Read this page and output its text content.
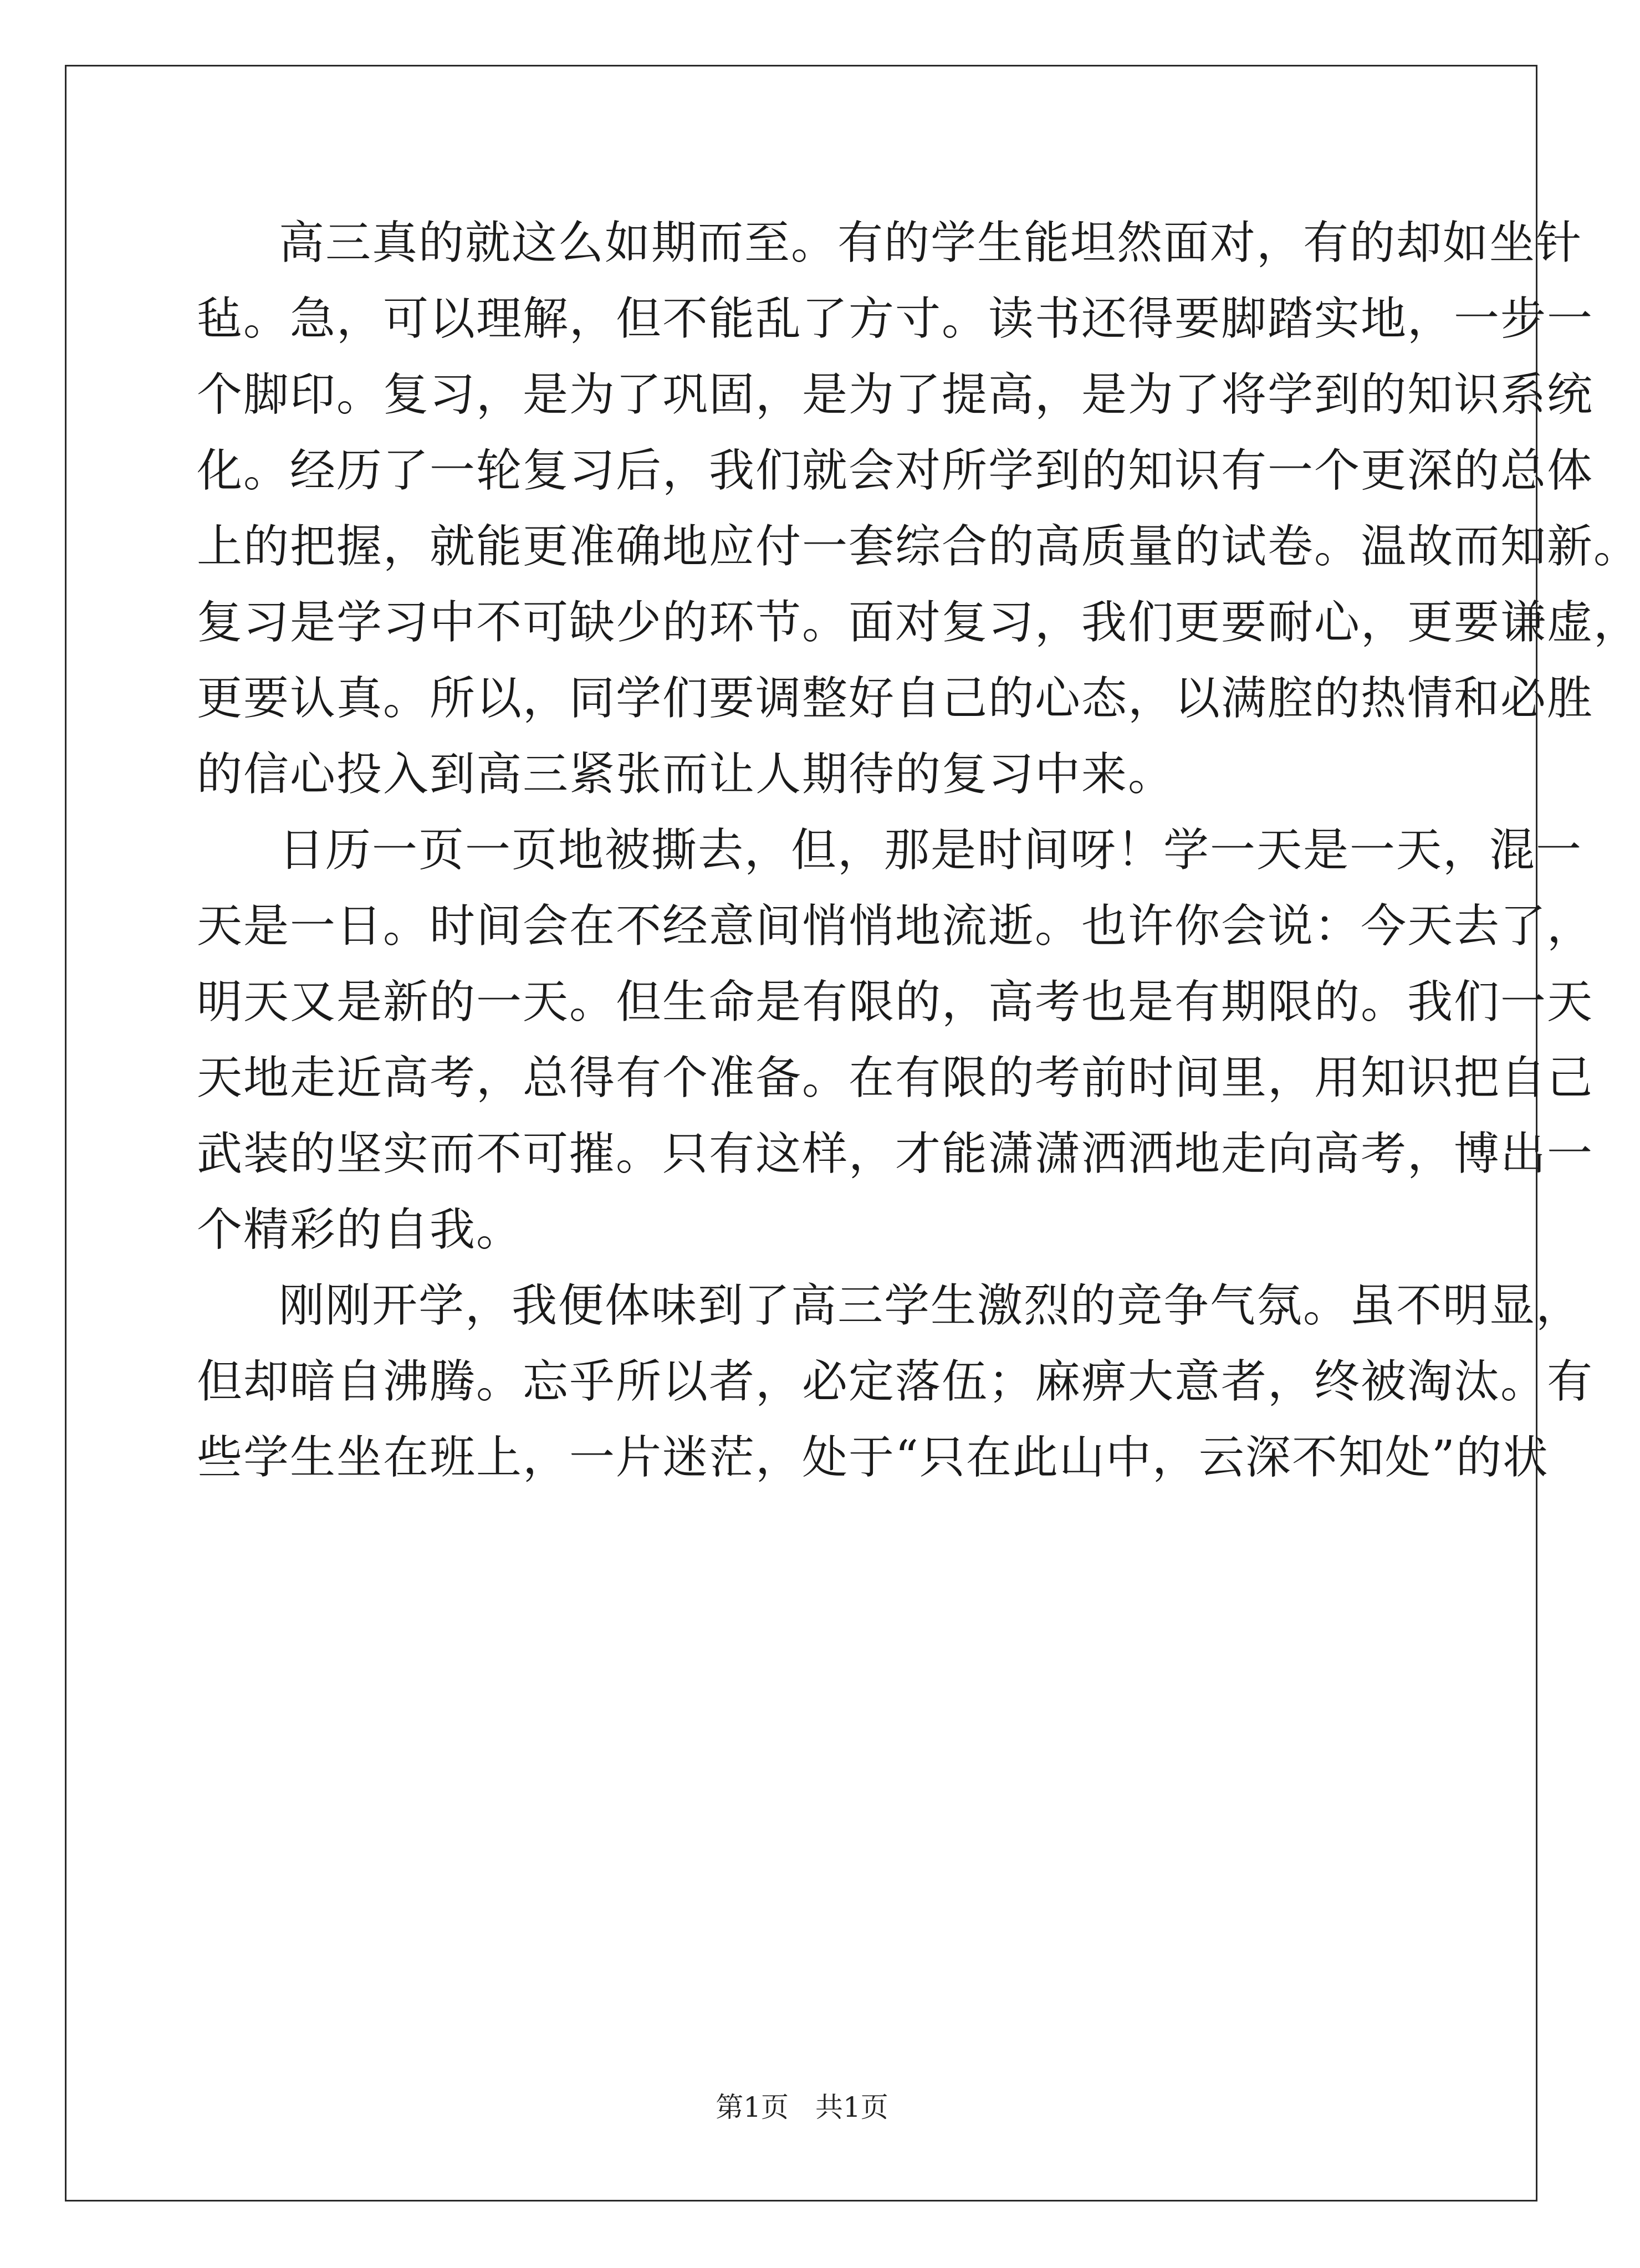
高三真的就这么如期而至。有的学生能坦然面对，有的却如坐针
毡。急，可以理解，但不能乱了方寸。读书还得要脚踏实地，一步一
个脚印。复习，是为了巩固，是为了提高，是为了将学到的知识系统
化。经历了一轮复习后，我们就会对所学到的知识有一个更深的总体
上的把握，就能更准确地应付一套综合的高质量的试卷。温故而知新。
复习是学习中不可缺少的环节。面对复习，我们更要耐心，更要谦虚，
更要认真。所以，同学们要调整好自己的心态，以满腔的热情和必胜
的信心投入到高三紧张而让人期待的复习中来。

日历一页一页地被撕去，但，那是时间呀！学一天是一天，混一
天是一日。时间会在不经意间悄悄地流逝。也许你会说：今天去了，
明天又是新的一天。但生命是有限的，高考也是有期限的。我们一天
天地走近高考，总得有个准备。在有限的考前时间里，用知识把自己
武装的坚实而不可摧。只有这样，才能潇潇洒洒地走向高考，博出一
个精彩的自我。

刚刚开学，我便体味到了高三学生激烈的竞争气氛。虽不明显，
但却暗自沸腾。忘乎所以者，必定落伍；麻痹大意者，终被淘汰。有
些学生坐在班上，一片迷茫，处于“只在此山中，云深不知处”的状

第1页 共1页
